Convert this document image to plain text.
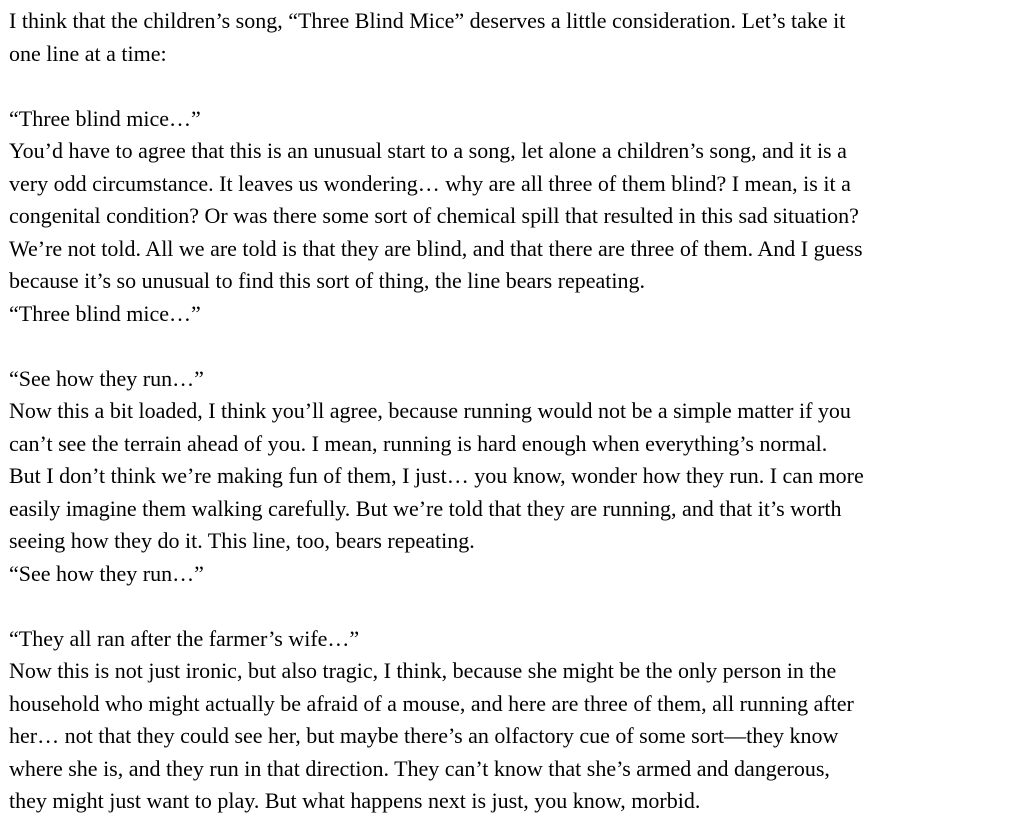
I think that the children’s song, “Three Blind Mice” deserves a little consideration. Let’s take it

one line at a time:

“Three blind mice…”

You’d have to agree that this is an unusual start to a song, let alone a children’s song, and it is a

very odd circumstance. It leaves us wondering… why are all three of them blind? I mean, is it a

congenital condition? Or was there some sort of chemical spill that resulted in this sad situation?

We’re not told. All we are told is that they are blind, and that there are three of them. And I guess

because it’s so unusual to find this sort of thing, the line bears repeating.

“Three blind mice…”

“See how they run…”

Now this a bit loaded, I think you’ll agree, because running would not be a simple matter if you

can’t see the terrain ahead of you. I mean, running is hard enough when everything’s normal.

But I don’t think we’re making fun of them, I just… you know, wonder how they run. I can more

easily imagine them walking carefully. But we’re told that they are running, and that it’s worth

seeing how they do it. This line, too, bears repeating.

“See how they run…”

“They all ran after the farmer’s wife…”

Now this is not just ironic, but also tragic, I think, because she might be the only person in the

household who might actually be afraid of a mouse, and here are three of them, all running after

her… not that they could see her, but maybe there’s an olfactory cue of some sort—they know

where she is, and they run in that direction. They can’t know that she’s armed and dangerous,

they might just want to play. But what happens next is just, you know, morbid.
